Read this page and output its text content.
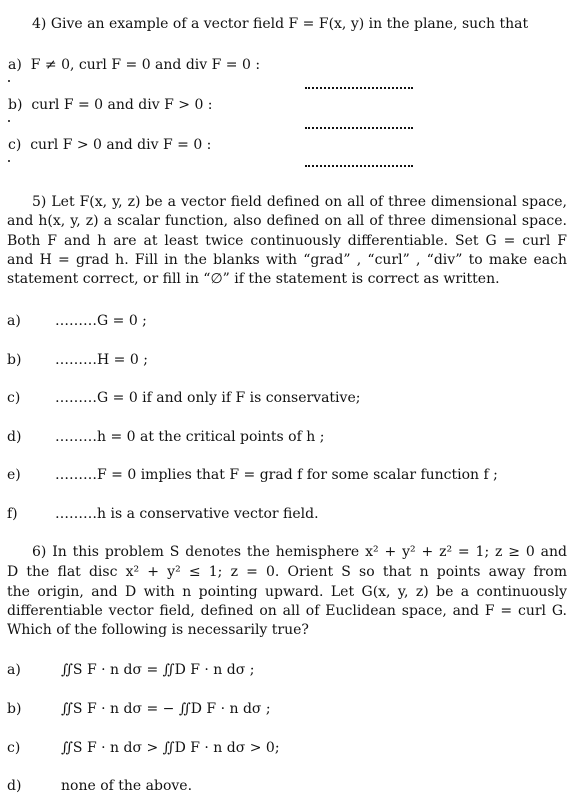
4) Give an example of a vector field F = F(x, y) in the plane, such that
a) F ≠ 0, curl F = 0 and div F = 0 :
b) curl F = 0 and div F > 0 :
c) curl F > 0 and div F = 0 :
5) Let F(x, y, z) be a vector field defined on all of three dimensional space,
and h(x, y, z) a scalar function, also defined on all of three dimensional space.
Both F and h are at least twice continuously differentiable. Set G = curl F
and H = grad h. Fill in the blanks with “grad” , “curl” , “div” to make each
statement correct, or fill in “∅” if the statement is correct as written.
a) ………G = 0 ;
b) ………H = 0 ;
c) ………G = 0 if and only if F is conservative;
d) ………h = 0 at the critical points of h ;
e) ………F = 0 implies that F = grad f for some scalar function f ;
f)	………h is a conservative vector field.
6) In this problem S denotes the hemisphere x² + y² + z² = 1; z ≥ 0 and
D the flat disc x² + y² ≤ 1; z = 0. Orient S so that n points away from
the origin, and D with n pointing upward. Let G(x, y, z) be a continuously
differentiable vector field, defined on all of Euclidean space, and F = curl G.
Which of the following is necessarily true?
a)	∬S F · n dσ = ∬D F · n dσ ;
b)	∬S F · n dσ = − ∬D F · n dσ ;
c)	∬S F · n dσ > ∬D F · n dσ > 0;
d)	none of the above.
